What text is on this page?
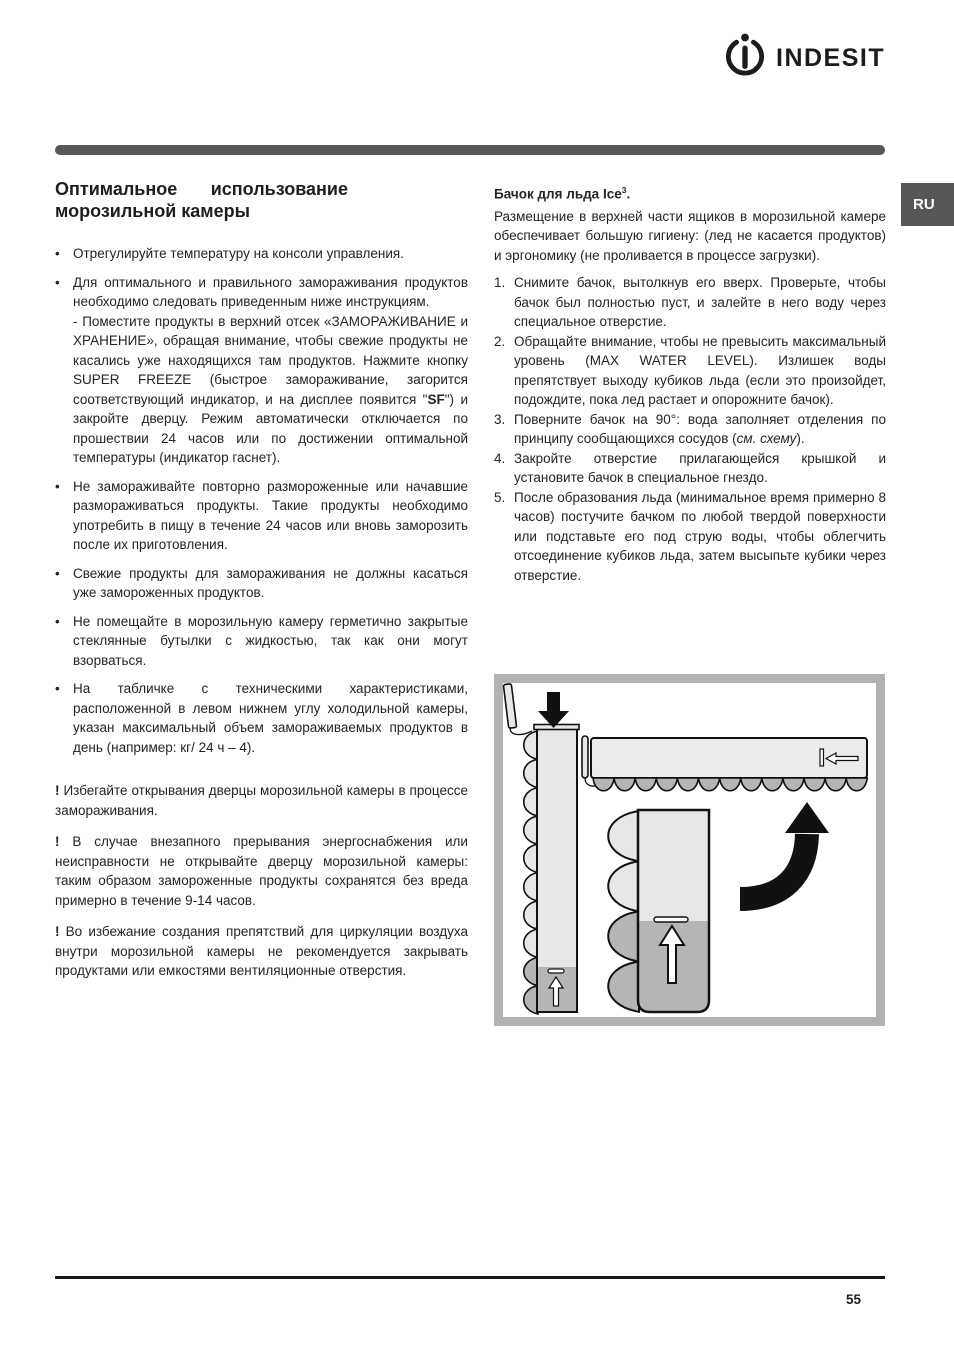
INDESIT
RU
Оптимальное использование
морозильной камеры
• Отрегулируйте температуру на консоли управления.
• Для оптимального и правильного замораживания продуктов необходимо следовать приведенным ниже инструкциям.
- Поместите продукты в верхний отсек «ЗАМОРАЖИВАНИЕ и ХРАНЕНИЕ», обращая внимание, чтобы свежие продукты не касались уже находящихся там продуктов. Нажмите кнопку SUPER FREEZE (быстрое замораживание, загорится соответствующий индикатор, и на дисплее появится "SF") и закройте дверцу. Режим автоматически отключается по прошествии 24 часов или по достижении оптимальной температуры (индикатор гаснет).
• Не замораживайте повторно размороженные или начавшие размораживаться продукты. Такие продукты необходимо употребить в пищу в течение 24 часов или вновь заморозить после их приготовления.
• Свежие продукты для замораживания не должны касаться уже замороженных продуктов.
• Не помещайте в морозильную камеру герметично закрытые стеклянные бутылки с жидкостью, так как они могут взорваться.
• На табличке с техническими характеристиками, расположенной в левом нижнем углу холодильной камеры, указан максимальный объем замораживаемых продуктов в день (например: кг/ 24 ч – 4).

! Избегайте открывания дверцы морозильной камеры в процессе замораживания.

! В случае внезапного прерывания энергоснабжения или неисправности не открывайте дверцу морозильной камеры: таким образом замороженные продукты сохранятся без вреда примерно в течение 9-14 часов.

! Во избежание создания препятствий для циркуляции воздуха внутри морозильной камеры не рекомендуется закрывать продуктами или емкостями вентиляционные отверстия.

Бачок для льда Ice$^3$.

Размещение в верхней части ящиков в морозильной камере обеспечивает большую гигиену: (лед не касается продуктов) и эргономику (не проливается в процессе загрузки).

1. Снимите бачок, вытолкнув его вверх. Проверьте, чтобы бачок был полностью пуст, и залейте в него воду через специальное отверстие.
2. Обращайте внимание, чтобы не превысить максимальный уровень (MAX WATER LEVEL). Излишек воды препятствует выходу кубиков льда (если это произойдет, подождите, пока лед растает и опорожните бачок).
3. Поверните бачок на 90°: вода заполняет отделения по принципу сообщающихся сосудов (см. схему).
4. Закройте отверстие прилагающейся крышкой и установите бачок в специальное гнездо.
5. После образования льда (минимальное время примерно 8 часов) постучите бачком по любой твердой поверхности или подставьте его под струю воды, чтобы облегчить отсоединение кубиков льда, затем высыпьте кубики через отверстие.
55
